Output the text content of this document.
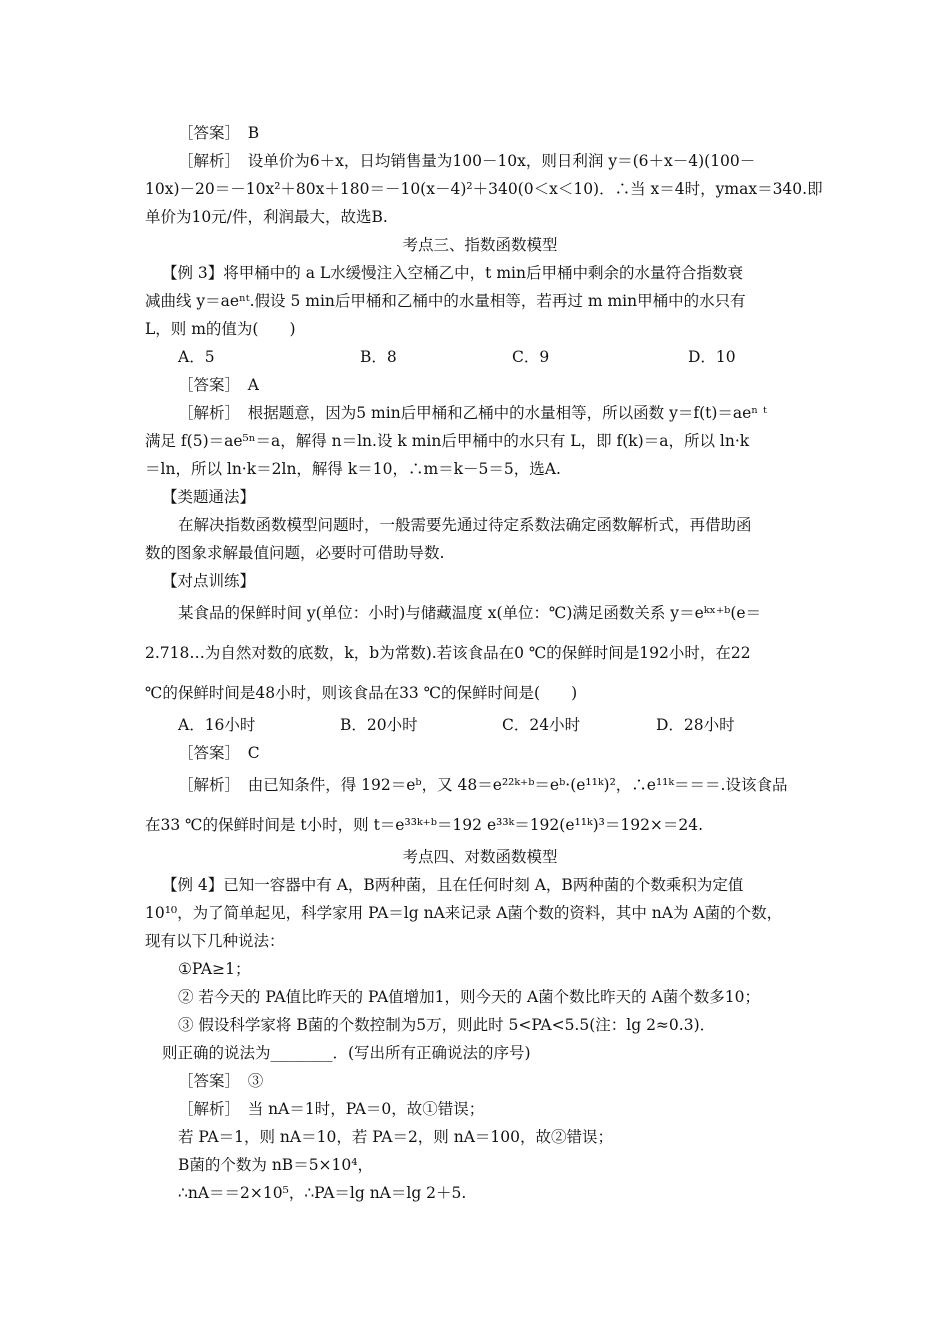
［答案］　B
［解析］　设单价为6＋x，日均销售量为100－10x，则日利润 y＝(6＋x－4)(100－
10x)－20＝－10x²＋80x＋180＝－10(x－4)²＋340(0＜x＜10)．∴当 x＝4时，ymax＝340.即
单价为10元/件，利润最大，故选B.
考点三、指数函数模型
【例 3】将甲桶中的 a L水缓慢注入空桶乙中，t min后甲桶中剩余的水量符合指数衰
减曲线 y＝aeⁿᵗ.假设 5 min后甲桶和乙桶中的水量相等，若再过 m min甲桶中的水只有
L，则 m的值为(　　)
A．5	B．8	C．9	D．10
［答案］　A
［解析］　根据题意，因为5 min后甲桶和乙桶中的水量相等，所以函数 y＝f(t)＝aeⁿ ᵗ
满足 f(5)＝ae⁵ⁿ＝a，解得 n＝ln.设 k min后甲桶中的水只有 L，即 f(k)＝a，所以 ln·k
＝ln，所以 ln·k＝2ln，解得 k＝10，∴m＝k－5＝5，选A.
【类题通法】
在解决指数函数模型问题时，一般需要先通过待定系数法确定函数解析式，再借助函
数的图象求解最值问题，必要时可借助导数.
【对点训练】
某食品的保鲜时间 y(单位：小时)与储藏温度 x(单位：℃)满足函数关系 y＝eᵏˣ⁺ᵇ(e＝
2.718…为自然对数的底数，k，b为常数).若该食品在0 ℃的保鲜时间是192小时，在22
℃的保鲜时间是48小时，则该食品在33 ℃的保鲜时间是(　　)
A．16小时	B．20小时	C．24小时	D．28小时
［答案］　C
［解析］　由已知条件，得 192＝eᵇ，又 48＝e²²ᵏ⁺ᵇ＝eᵇ·(e¹¹ᵏ)²，∴e¹¹ᵏ＝＝＝.设该食品
在33 ℃的保鲜时间是 t小时，则 t＝e³³ᵏ⁺ᵇ＝192 e³³ᵏ＝192(e¹¹ᵏ)³＝192×＝24.
考点四、对数函数模型
【例 4】已知一容器中有 A，B两种菌，且在任何时刻 A，B两种菌的个数乘积为定值
10¹⁰，为了简单起见，科学家用 PA＝lg nA来记录 A菌个数的资料，其中 nA为 A菌的个数，
现有以下几种说法：
①PA≥1；
② 若今天的 PA值比昨天的 PA值增加1，则今天的 A菌个数比昨天的 A菌个数多10；
③ 假设科学家将 B菌的个数控制为5万，则此时 5<PA<5.5(注：lg 2≈0.3)．
则正确的说法为________．(写出所有正确说法的序号)
［答案］　③
［解析］　当 nA＝1时，PA＝0，故①错误；
若 PA＝1，则 nA＝10，若 PA＝2，则 nA＝100，故②错误；
B菌的个数为 nB＝5×10⁴，
∴nA＝＝2×10⁵，∴PA＝lg nA＝lg 2＋5.
